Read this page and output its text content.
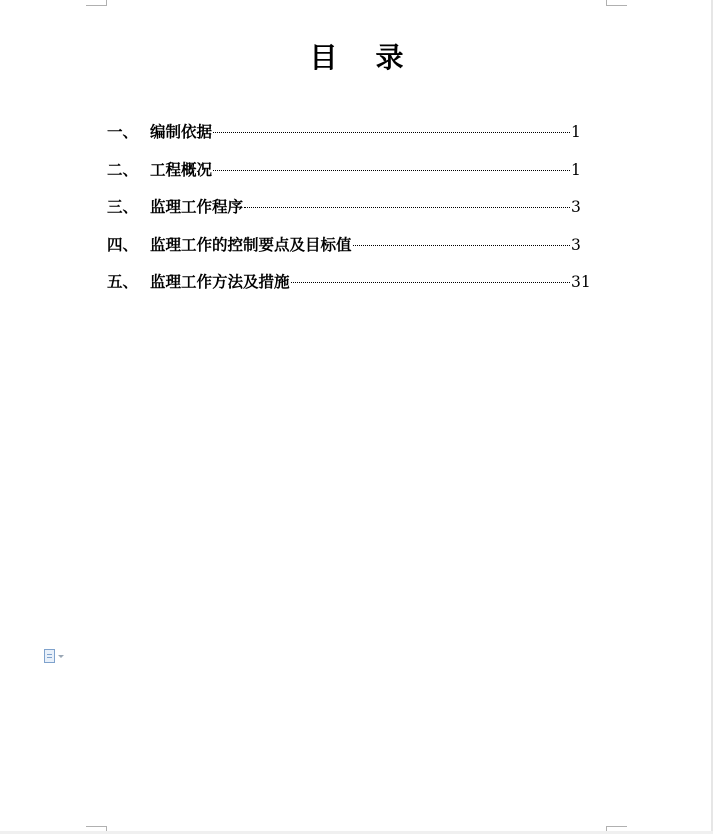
目录
一、 编制依据	1
二、 工程概况	1
三、 监理工作程序	3
四、 监理工作的控制要点及目标值	3
五、 监理工作方法及措施	31
